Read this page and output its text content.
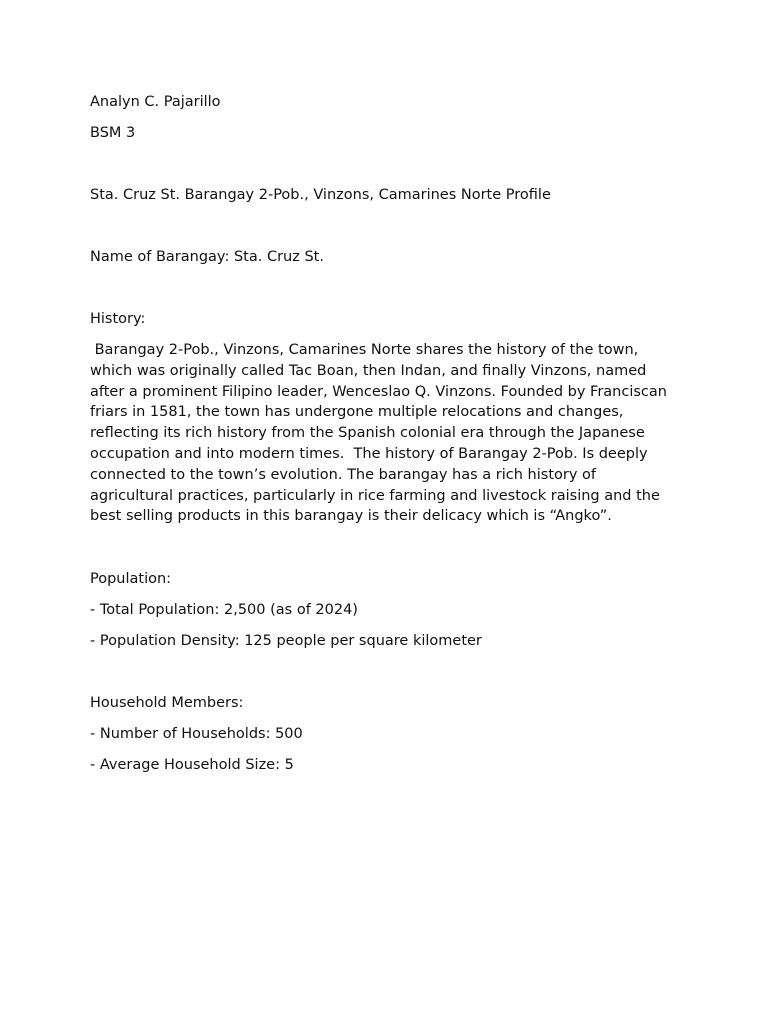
Analyn C. Pajarillo

BSM 3

Sta. Cruz St. Barangay 2-Pob., Vinzons, Camarines Norte Profile

Name of Barangay: Sta. Cruz St.

History:

Barangay 2-Pob., Vinzons, Camarines Norte shares the history of the town, which was originally called Tac Boan, then Indan, and finally Vinzons, named after a prominent Filipino leader, Wenceslao Q. Vinzons. Founded by Franciscan friars in 1581, the town has undergone multiple relocations and changes, reflecting its rich history from the Spanish colonial era through the Japanese occupation and into modern times.  The history of Barangay 2-Pob. Is deeply connected to the town’s evolution. The barangay has a rich history of agricultural practices, particularly in rice farming and livestock raising and the best selling products in this barangay is their delicacy which is “Angko”.

Population:

- Total Population: 2,500 (as of 2024)

- Population Density: 125 people per square kilometer

Household Members:

- Number of Households: 500

- Average Household Size: 5
